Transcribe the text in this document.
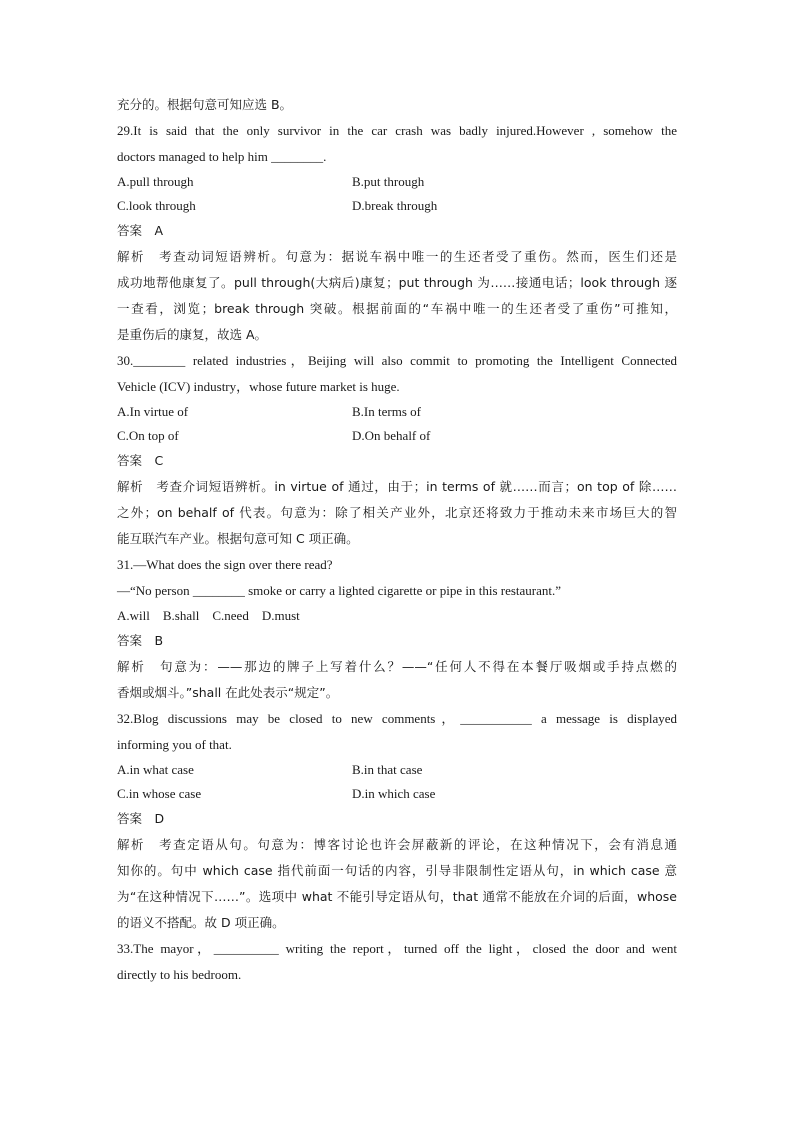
充分的。根据句意可知应选 B。
29.It is said that the only survivor in the car crash was badly injured.However , somehow the
doctors managed to help him ________.
A.pull through	B.put through
C.look through	D.break through
答案　A
解析　考查动词短语辨析。句意为：据说车祸中唯一的生还者受了重伤。然而，医生们还是
成功地帮他康复了。pull through(大病后)康复；put through 为……接通电话；look through 逐
一查看，浏览；break through 突破。根据前面的“车祸中唯一的生还者受了重伤”可推知，
是重伤后的康复，故选 A。
30.________ related industries，Beijing will also commit to promoting the Intelligent Connected
Vehicle (ICV) industry，whose future market is huge.
A.In virtue of	B.In terms of
C.On top of	D.On behalf of
答案　C
解析　考查介词短语辨析。in virtue of 通过，由于；in terms of 就……而言；on top of 除……
之外；on behalf of 代表。句意为：除了相关产业外，北京还将致力于推动未来市场巨大的智
能互联汽车产业。根据句意可知 C 项正确。
31.—What does the sign over there read?
—“No person ________ smoke or carry a lighted cigarette or pipe in this restaurant.”
A.will B.shall C.need D.must
答案　B
解析　句意为：——那边的牌子上写着什么？——“任何人不得在本餐厅吸烟或手持点燃的
香烟或烟斗。”shall 在此处表示“规定”。
32.Blog discussions may be closed to new comments，___________ a message is displayed
informing you of that.
A.in what case	B.in that case
C.in whose case	D.in which case
答案　D
解析　考查定语从句。句意为：博客讨论也许会屏蔽新的评论，在这种情况下，会有消息通
知你的。句中 which case 指代前面一句话的内容，引导非限制性定语从句，in which case 意
为“在这种情况下……”。选项中 what 不能引导定语从句，that 通常不能放在介词的后面，whose
的语义不搭配。故 D 项正确。
33.The mayor，__________ writing the report，turned off the light，closed the door and went
directly to his bedroom.
